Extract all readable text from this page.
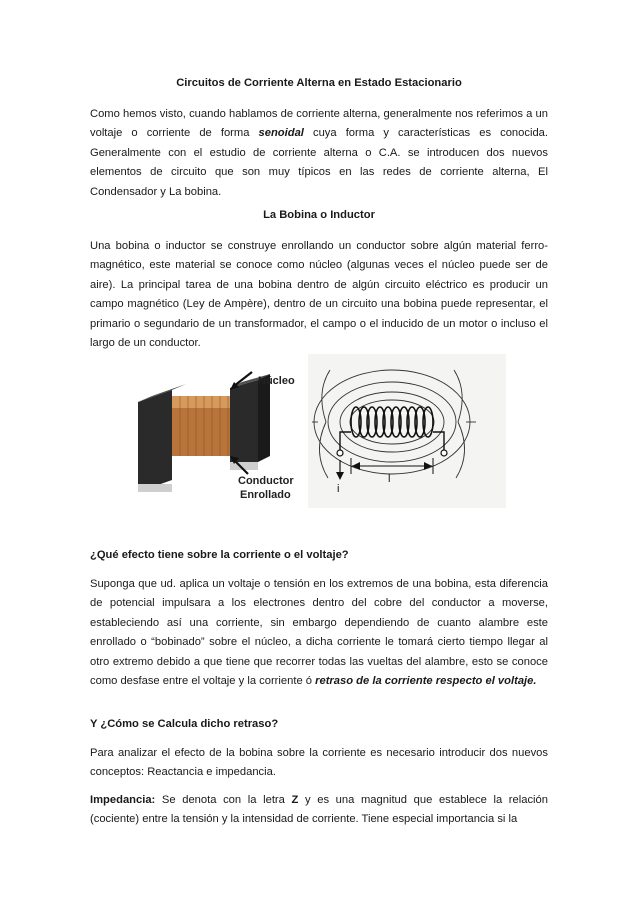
Circuitos de Corriente Alterna en Estado Estacionario

Como hemos visto, cuando hablamos de corriente alterna, generalmente nos referimos a un voltaje o corriente de forma senoidal cuya forma y características es conocida. Generalmente con el estudio de corriente alterna o C.A. se introducen dos nuevos elementos de circuito que son muy típicos en las redes de corriente alterna, El Condensador y La bobina.

La Bobina o Inductor

Una bobina o inductor se construye enrollando un conductor sobre algún material ferro-magnético, este material se conoce como núcleo (algunas veces el núcleo puede ser de aire). La principal tarea de una bobina dentro de algún circuito eléctrico es producir un campo magnético (Ley de Ampère), dentro de un circuito una bobina puede representar, el primario o segundario de un transformador, el campo o el inducido de un motor o incluso el largo de un conductor.

Núcleo
Conductor
Enrollado	i
l

¿Qué efecto tiene sobre la corriente o el voltaje?

Suponga que ud. aplica un voltaje o tensión en los extremos de una bobina, esta diferencia de potencial impulsara a los electrones dentro del cobre del conductor a moverse, estableciendo así una corriente, sin embargo dependiendo de cuanto alambre este enrollado o “bobinado” sobre el núcleo, a dicha corriente le tomará cierto tiempo llegar al otro extremo debido a que tiene que recorrer todas las vueltas del alambre, esto se conoce como desfase entre el voltaje y la corriente ó retraso de la corriente respecto el voltaje.

Y ¿Cómo se Calcula dicho retraso?

Para analizar el efecto de la bobina sobre la corriente es necesario introducir dos nuevos conceptos: Reactancia e impedancia.

Impedancia: Se denota con la letra Z y es una magnitud que establece la relación (cociente) entre la tensión y la intensidad de corriente. Tiene especial importancia si la
